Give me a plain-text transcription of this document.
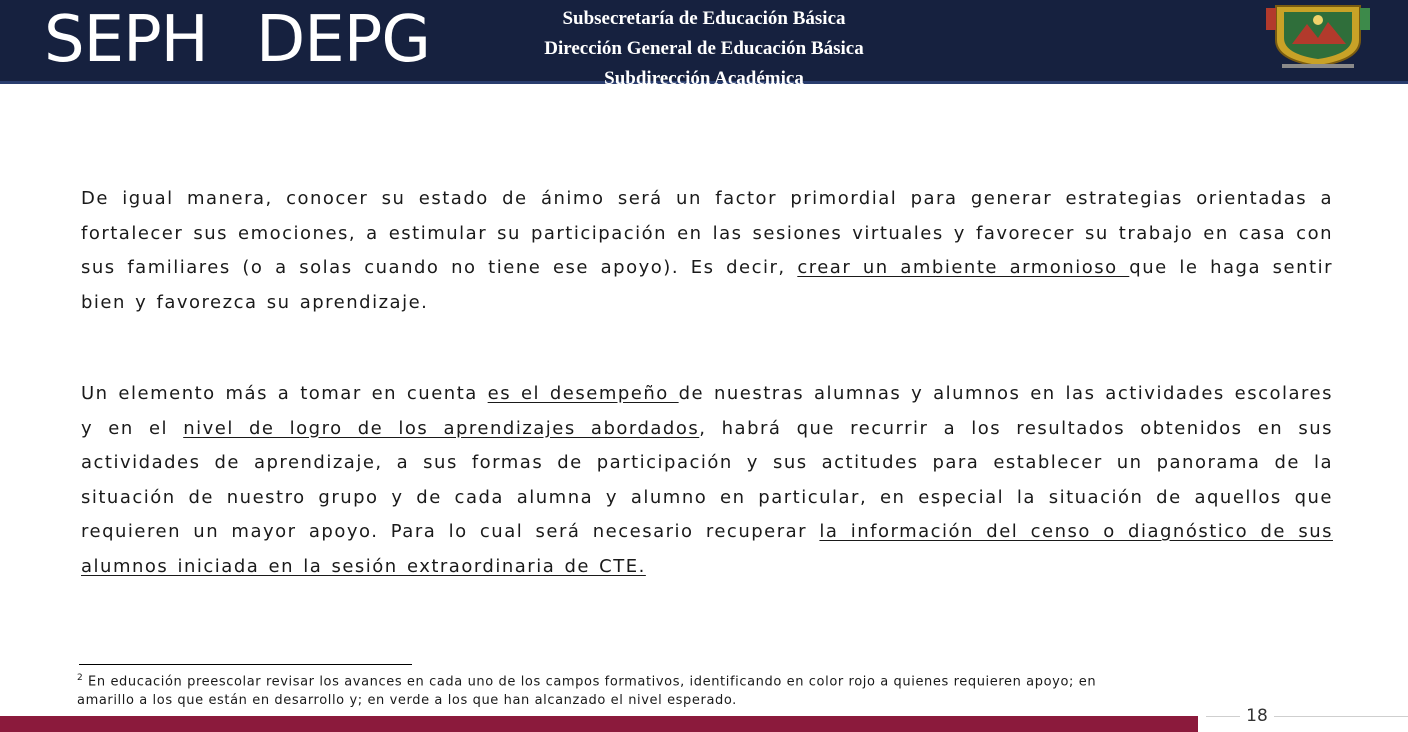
SEPH DEPG	Subsecretaría de Educación Básica
Dirección General de Educación Básica
Subdirección Académica
De igual manera, conocer su estado de ánimo será un factor primordial para generar estrategias orientadas a fortalecer sus emociones, a estimular su participación en las sesiones virtuales y favorecer su trabajo en casa con sus familiares (o a solas cuando no tiene ese apoyo). Es decir, crear un ambiente armonioso que le haga sentir bien y favorezca su aprendizaje.
Un elemento más a tomar en cuenta es el desempeño de nuestras alumnas y alumnos en las actividades escolares y en el nivel de logro de los aprendizajes abordados, habrá que recurrir a los resultados obtenidos en sus actividades de aprendizaje, a sus formas de participación y sus actitudes para establecer un panorama de la situación de nuestro grupo y de cada alumna y alumno en particular, en especial la situación de aquellos que requieren un mayor apoyo. Para lo cual será necesario recuperar la información del censo o diagnóstico de sus alumnos iniciada en la sesión extraordinaria de CTE.
$^2$ En educación preescolar revisar los avances en cada uno de los campos formativos, identificando en color rojo a quienes requieren apoyo; en amarillo a los que están en desarrollo y; en verde a los que han alcanzado el nivel esperado.
18
